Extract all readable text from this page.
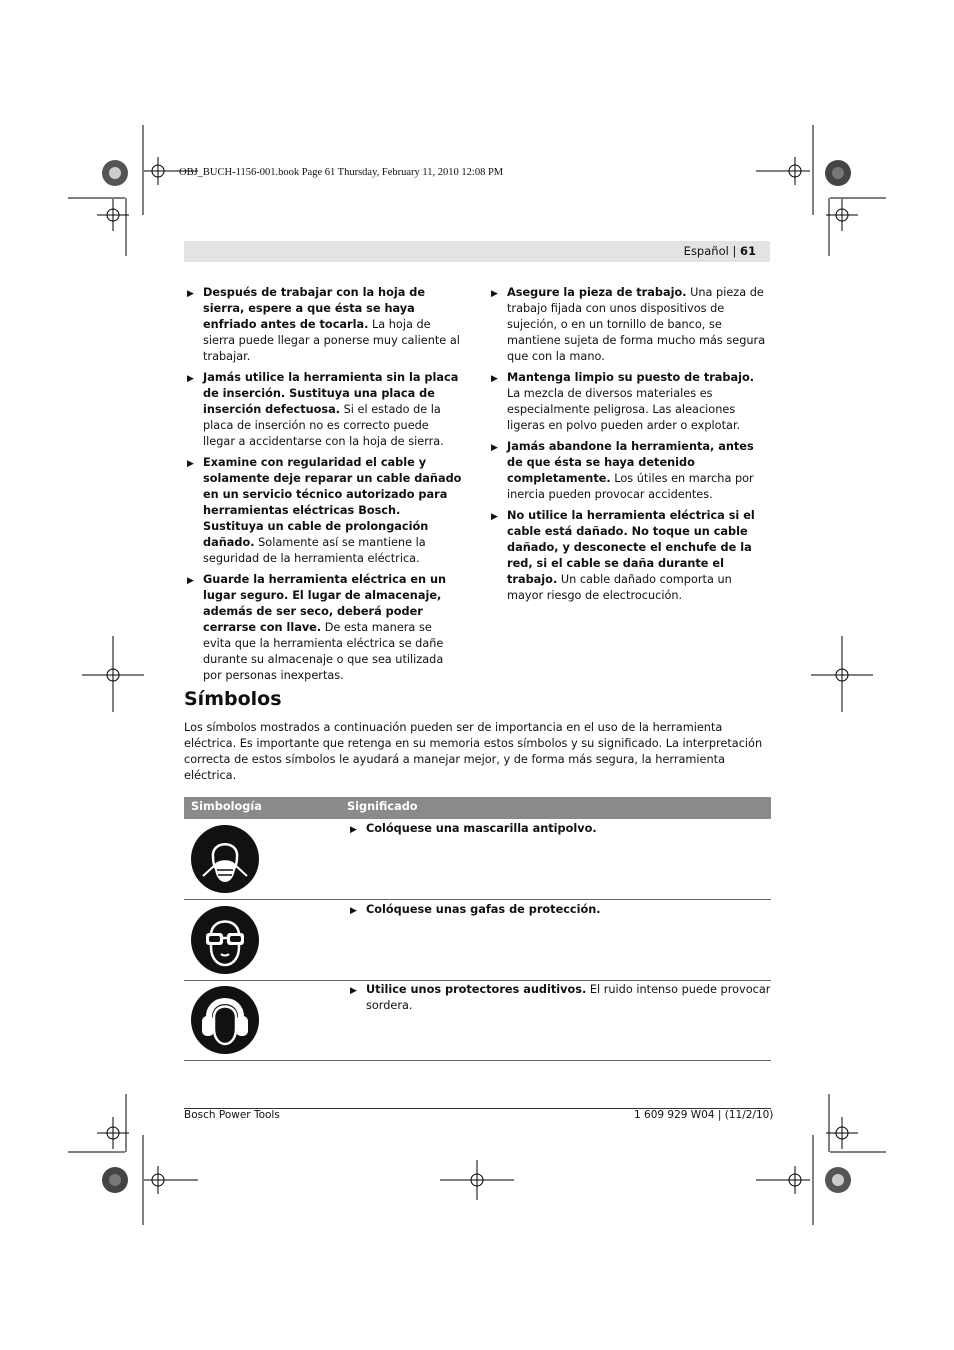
OBJ_BUCH-1156-001.book Page 61 Thursday, February 11, 2010 12:08 PM
Español | 61
▶ Después de trabajar con la hoja de sierra, espere a que ésta se haya enfriado antes de tocarla. La hoja de sierra puede llegar a ponerse muy caliente al trabajar.
▶ Jamás utilice la herramienta sin la placa de inserción. Sustituya una placa de inserción defectuosa. Si el estado de la placa de inserción no es correcto puede llegar a accidentarse con la hoja de sierra.
▶ Examine con regularidad el cable y solamente deje reparar un cable dañado en un servicio técnico autorizado para herramientas eléctricas Bosch. Sustituya un cable de prolongación dañado. Solamente así se mantiene la seguridad de la herramienta eléctrica.
▶ Guarde la herramienta eléctrica en un lugar seguro. El lugar de almacenaje, además de ser seco, deberá poder cerrarse con llave. De esta manera se evita que la herramienta eléctrica se dañe durante su almacenaje o que sea utilizada por personas inexpertas.
▶ Asegure la pieza de trabajo. Una pieza de trabajo fijada con unos dispositivos de sujeción, o en un tornillo de banco, se mantiene sujeta de forma mucho más segura que con la mano.
▶ Mantenga limpio su puesto de trabajo. La mezcla de diversos materiales es especialmente peligrosa. Las aleaciones ligeras en polvo pueden arder o explotar.
▶ Jamás abandone la herramienta, antes de que ésta se haya detenido completamente. Los útiles en marcha por inercia pueden provocar accidentes.
▶ No utilice la herramienta eléctrica si el cable está dañado. No toque un cable dañado, y desconecte el enchufe de la red, si el cable se daña durante el trabajo. Un cable dañado comporta un mayor riesgo de electrocución.
Símbolos

Los símbolos mostrados a continuación pueden ser de importancia en el uso de la herramienta eléctrica. Es importante que retenga en su memoria estos símbolos y su significado. La interpretación correcta de estos símbolos le ayudará a manejar mejor, y de forma más segura, la herramienta eléctrica.

Simbología	Significado
▶ Colóquese una mascarilla antipolvo.
▶ Colóquese unas gafas de protección.
▶ Utilice unos protectores auditivos. El ruido intenso puede provocar sordera.
Bosch Power Tools	1 609 929 W04 | (11/2/10)
